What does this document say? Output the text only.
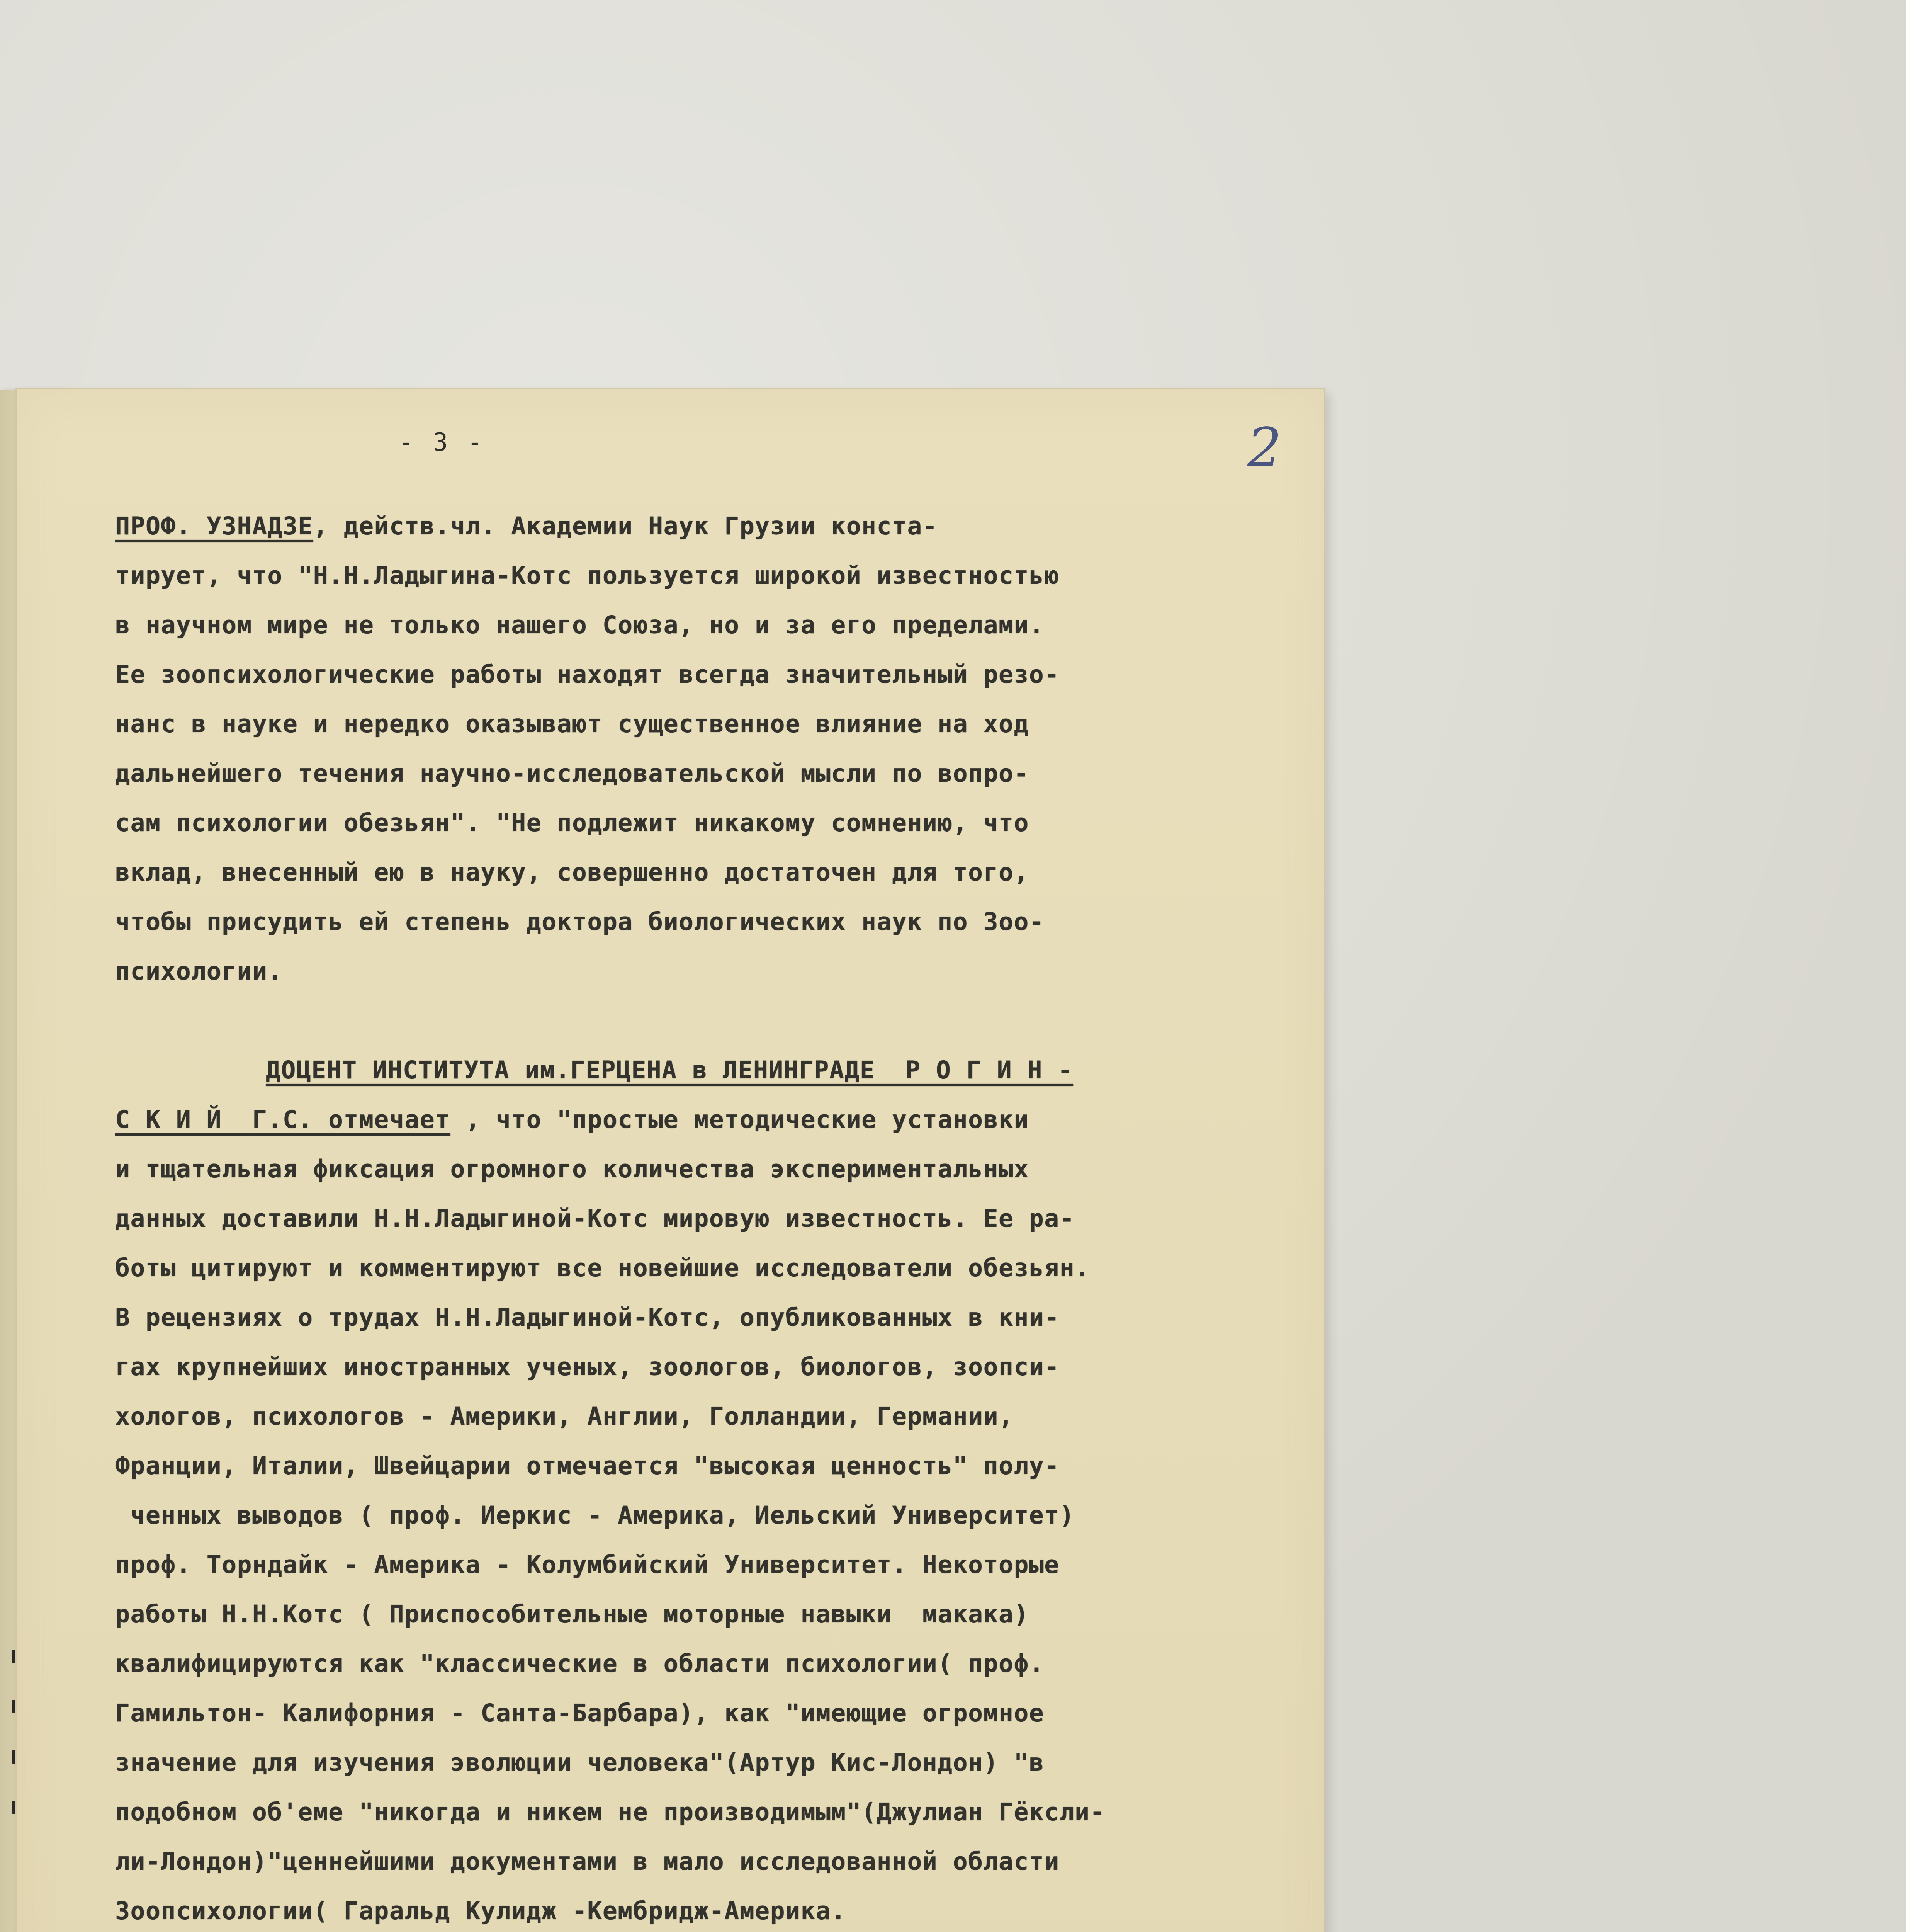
2
- 3 -
ПРОФ. УЗНАДЗЕ, действ.чл. Академии Наук Грузии конста-
тирует, что "Н.Н.Ладыгина-Котс пользуется широкой известностью
в научном мире не только нашего Союза, но и за его пределами.
Ее зоопсихологические работы находят всегда значительный резо-
нанс в науке и нередко оказывают существенное влияние на ход
дальнейшего течения научно-исследовательской мысли по вопро-
сам психологии обезьян". "Не подлежит никакому сомнению, что
вклад, внесенный ею в науку, совершенно достаточен для того,
чтобы присудить ей степень доктора биологических наук по Зоо-
психологии.
ДОЦЕНТ ИНСТИТУТА им.ГЕРЦЕНА в ЛЕНИНГРАДЕ  Р О Г И Н -
С К И Й  Г.С. отмечает , что "простые методические установки
и тщательная фиксация огромного количества экспериментальных
данных доставили Н.Н.Ладыгиной-Котс мировую известность. Ее ра-
боты цитируют и комментируют все новейшие исследователи обезьян.
В рецензиях о трудах Н.Н.Ладыгиной-Котс, опубликованных в кни-
гах крупнейших иностранных ученых, зоологов, биологов, зоопси-
хологов, психологов - Америки, Англии, Голландии, Германии,
Франции, Италии, Швейцарии отмечается "высокая ценность" полу-
ченных выводов ( проф. Иеркис - Америка, Иельский Университет)
проф. Торндайк - Америка - Колумбийский Университет. Некоторые
работы Н.Н.Котс ( Приспособительные моторные навыки  макака)
квалифицируются как "классические в области психологии( проф.
Гамильтон- Калифорния - Санта-Барбара), как "имеющие огромное
значение для изучения эволюции человека"(Артур Кис-Лондон) "в
подобном об'еме "никогда и никем не производимым"(Джулиан Гёксли-
ли-Лондон)"ценнейшими документами в мало исследованной области
Зоопсихологии( Гаральд Кулидж -Кембридж-Америка.
